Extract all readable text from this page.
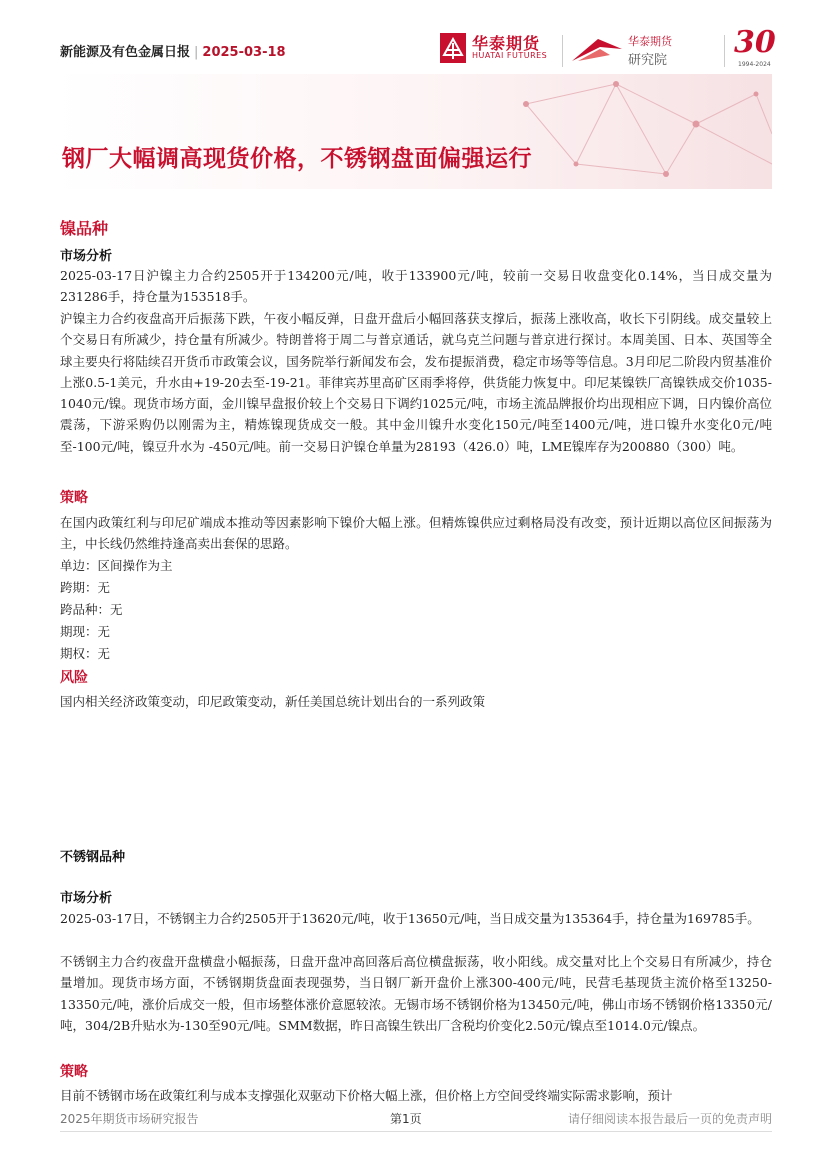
新能源及有色金属日报 | 2025-03-18	华泰期货
HUATAI FUTURES
华泰期货
研究院
30
1994-2024
钢厂大幅调高现货价格，不锈钢盘面偏强运行
镍品种
市场分析

2025-03-17日沪镍主力合约2505开于134200元/吨，收于133900元/吨，较前一交易日收盘变化0.14%，当日成交量为231286手，持仓量为153518手。

沪镍主力合约夜盘高开后振荡下跌，午夜小幅反弹，日盘开盘后小幅回落获支撑后，振荡上涨收高，收长下引阴线。成交量较上个交易日有所减少，持仓量有所减少。特朗普将于周二与普京通话，就乌克兰问题与普京进行探讨。本周美国、日本、英国等全球主要央行将陆续召开货币市政策会议，国务院举行新闻发布会，发布提振消费，稳定市场等等信息。3月印尼二阶段内贸基准价上涨0.5-1美元，升水由+19-20去至-19-21。菲律宾苏里高矿区雨季将停，供货能力恢复中。印尼某镍铁厂高镍铁成交价1035-1040元/镍。现货市场方面，金川镍早盘报价较上个交易日下调约1025元/吨，市场主流品牌报价均出现相应下调，日内镍价高位震荡，下游采购仍以刚需为主，精炼镍现货成交一般。其中金川镍升水变化150元/吨至1400元/吨，进口镍升水变化0元/吨至-100元/吨，镍豆升水为 -450元/吨。前一交易日沪镍仓单量为28193（426.0）吨，LME镍库存为200880（300）吨。

策略

在国内政策红利与印尼矿端成本推动等因素影响下镍价大幅上涨。但精炼镍供应过剩格局没有改变，预计近期以高位区间振荡为主，中长线仍然维持逢高卖出套保的思路。

单边：区间操作为主
跨期：无
跨品种：无
期现：无
期权：无
风险

国内相关经济政策变动，印尼政策变动，新任美国总统计划出台的一系列政策

不锈钢品种
市场分析

2025-03-17日，不锈钢主力合约2505开于13620元/吨，收于13650元/吨，当日成交量为135364手，持仓量为169785手。

不锈钢主力合约夜盘开盘横盘小幅振荡，日盘开盘冲高回落后高位横盘振荡，收小阳线。成交量对比上个交易日有所减少，持仓量增加。现货市场方面，不锈钢期货盘面表现强势，当日钢厂新开盘价上涨300-400元/吨，民营毛基现货主流价格至13250-13350元/吨，涨价后成交一般，但市场整体涨价意愿较浓。无锡市场不锈钢价格为13450元/吨，佛山市场不锈钢价格13350元/吨，304/2B升贴水为-130至90元/吨。SMM数据，昨日高镍生铁出厂含税均价变化2.50元/镍点至1014.0元/镍点。

策略

目前不锈钢市场在政策红利与成本支撑强化双驱动下价格大幅上涨，但价格上方空间受终端实际需求影响，预计

2025年期货市场研究报告	第1页	请仔细阅读本报告最后一页的免责声明
